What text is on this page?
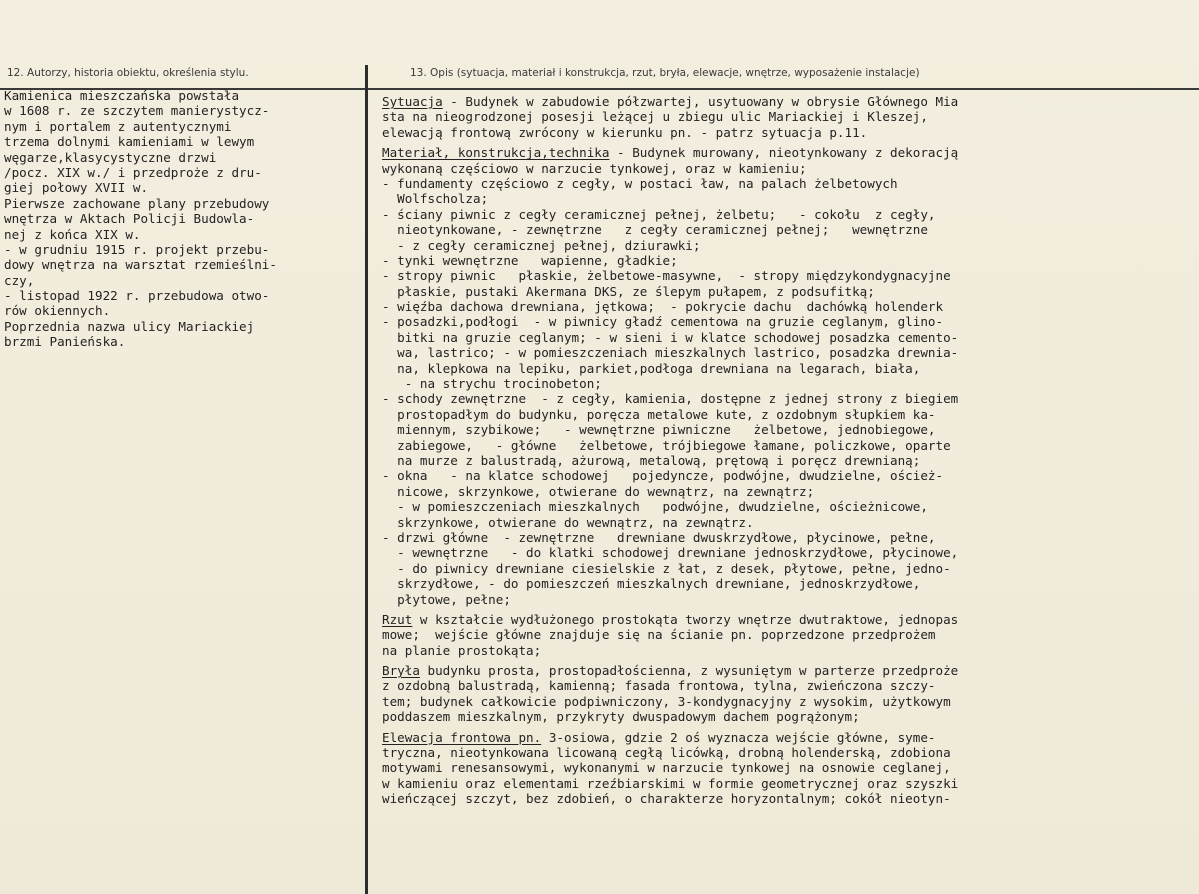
12. Autorzy, historia obiektu, określenia stylu.	13. Opis (sytuacja, materiał i konstrukcja, rzut, bryła, elewacje, wnętrze, wyposażenie instalacje)
Kamienica mieszczańska powstała
w 1608 r. ze szczytem manierystycz-
nym i portalem z autentycznymi
trzema dolnymi kamieniami w lewym
węgarze,klasycystyczne drzwi
/pocz. XIX w./ i przedproże z dru-
giej połowy XVII w.
Pierwsze zachowane plany przebudowy
wnętrza w Aktach Policji Budowla-
nej z końca XIX w.
- w grudniu 1915 r. projekt przebu-
dowy wnętrza na warsztat rzemieślni-
czy,
- listopad 1922 r. przebudowa otwo-
rów okiennych.
Poprzednia nazwa ulicy Mariackiej
brzmi Panieńska.
Sytuacja - Budynek w zabudowie półzwartej, usytuowany w obrysie Głównego Mia
sta na nieogrodzonej posesji leżącej u zbiegu ulic Mariackiej i Kleszej,
elewacją frontową zwrócony w kierunku pn. - patrz sytuacja p.11.
Materiał, konstrukcja,technika - Budynek murowany, nieotynkowany z dekoracją
wykonaną częściowo w narzucie tynkowej, oraz w kamieniu;
- fundamenty częściowo z cegły, w postaci ław, na palach żelbetowych
Wolfscholza;
- ściany piwnic z cegły ceramicznej pełnej, żelbetu;   - cokołu  z cegły,
nieotynkowane, - zewnętrzne   z cegły ceramicznej pełnej;   wewnętrzne
- z cegły ceramicznej pełnej, dziurawki;
- tynki wewnętrzne   wapienne, gładkie;
- stropy piwnic   płaskie, żelbetowe-masywne,  - stropy międzykondygnacyjne
płaskie, pustaki Akermana DKS, ze ślepym pułapem, z podsufitką;
- więźba dachowa drewniana, jętkowa;  - pokrycie dachu  dachówką holenderk
- posadzki,podłogi  - w piwnicy gładź cementowa na gruzie ceglanym, glino-
bitki na gruzie ceglanym; - w sieni i w klatce schodowej posadzka cemento-
wa, lastrico; - w pomieszczeniach mieszkalnych lastrico, posadzka drewnia-
na, klepkowa na lepiku, parkiet,podłoga drewniana na legarach, biała,
- na strychu trocinobeton;
- schody zewnętrzne  - z cegły, kamienia, dostępne z jednej strony z biegiem
prostopadłym do budynku, poręcza metalowe kute, z ozdobnym słupkiem ka-
miennym, szybikowe;   - wewnętrzne piwniczne   żelbetowe, jednobiegowe,
zabiegowe,   - główne   żelbetowe, trójbiegowe łamane, policzkowe, oparte
na murze z balustradą, ażurową, metalową, prętową i poręcz drewnianą;
- okna   - na klatce schodowej   pojedyncze, podwójne, dwudzielne, oścież-
nicowe, skrzynkowe, otwierane do wewnątrz, na zewnątrz;
- w pomieszczeniach mieszkalnych   podwójne, dwudzielne, ościeżnicowe,
skrzynkowe, otwierane do wewnątrz, na zewnątrz.
- drzwi główne  - zewnętrzne   drewniane dwuskrzydłowe, płycinowe, pełne,
- wewnętrzne   - do klatki schodowej drewniane jednoskrzydłowe, płycinowe,
- do piwnicy drewniane ciesielskie z łat, z desek, płytowe, pełne, jedno-
skrzydłowe, - do pomieszczeń mieszkalnych drewniane, jednoskrzydłowe,
płytowe, pełne;
Rzut w kształcie wydłużonego prostokąta tworzy wnętrze dwutraktowe, jednopas
mowe;  wejście główne znajduje się na ścianie pn. poprzedzone przedprożem
na planie prostokąta;
Bryła budynku prosta, prostopadłościenna, z wysuniętym w parterze przedproże
z ozdobną balustradą, kamienną; fasada frontowa, tylna, zwieńczona szczy-
tem; budynek całkowicie podpiwniczony, 3-kondygnacyjny z wysokim, użytkowym
poddaszem mieszkalnym, przykryty dwuspadowym dachem pogrążonym;
Elewacja frontowa pn. 3-osiowa, gdzie 2 oś wyznacza wejście główne, syme-
tryczna, nieotynkowana licowaną cegłą licówką, drobną holenderską, zdobiona
motywami renesansowymi, wykonanymi w narzucie tynkowej na osnowie ceglanej,
w kamieniu oraz elementami rzeźbiarskimi w formie geometrycznej oraz szyszki
wieńczącej szczyt, bez zdobień, o charakterze horyzontalnym; cokół nieotyn-
